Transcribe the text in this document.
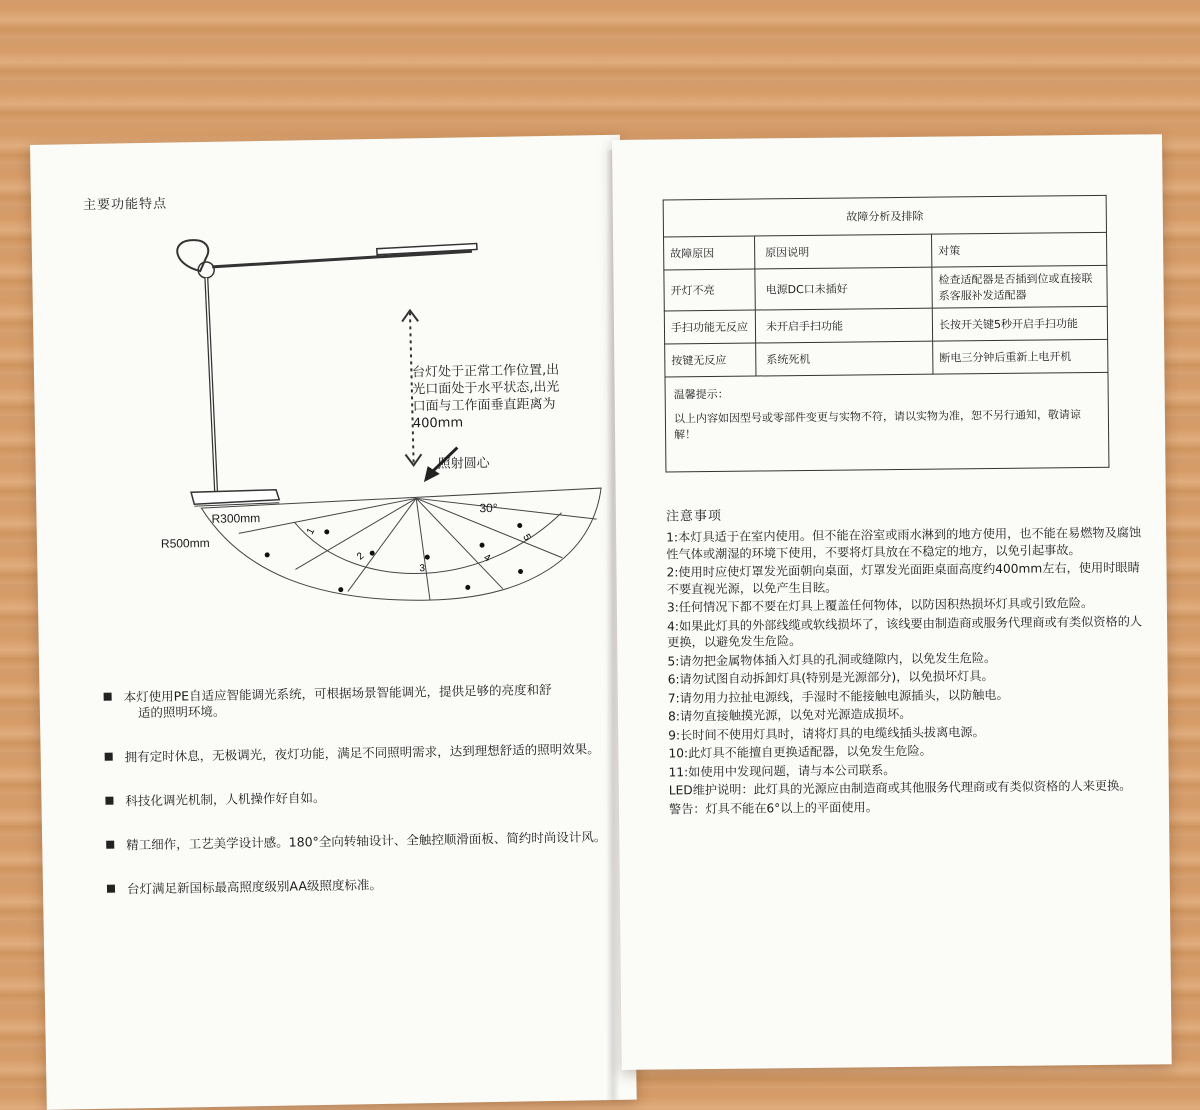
主要功能特点
1
2
3
4
5
台灯处于正常工作位置,出光口面处于水平状态,出光口面与工作面垂直距离为400mm
照射圆心
R300mm
R500mm
30°
本灯使用PE自适应智能调光系统，可根据场景智能调光，提供足够的亮度和舒
适的照明环境。
拥有定时休息，无极调光，夜灯功能，满足不同照明需求，达到理想舒适的照明效果。
科技化调光机制，人机操作好自如。
精工细作，工艺美学设计感。180°全向转轴设计、全触控顺滑面板、简约时尚设计风。
台灯满足新国标最高照度级别AA级照度标准。
故障分析及排除		
故障原因	原因说明	对策
开灯不亮	电源DC口未插好	检查适配器是否插到位或直接联系客服补发适配器
手扫功能无反应	未开启手扫功能	长按开关键5秒开启手扫功能
按键无反应	系统死机	断电三分钟后重新上电开机

温馨提示：
以上内容如因型号或零部件变更与实物不符，请以实物为准，恕不另行通知，敬请谅解！		
注意事项

1:本灯具适于在室内使用。但不能在浴室或雨水淋到的地方使用，也不能在易燃物及腐蚀性气体或潮湿的环境下使用，不要将灯具放在不稳定的地方，以免引起事故。

2:使用时应使灯罩发光面朝向桌面，灯罩发光面距桌面高度约400mm左右，使用时眼睛不要直视光源，以免产生目眩。

3:任何情况下都不要在灯具上覆盖任何物体，以防因积热损坏灯具或引致危险。

4:如果此灯具的外部线缆或软线损坏了，该线要由制造商或服务代理商或有类似资格的人更换，以避免发生危险。

5:请勿把金属物体插入灯具的孔洞或缝隙内，以免发生危险。

6:请勿试图自动拆卸灯具(特别是光源部分)，以免损坏灯具。

7:请勿用力拉扯电源线，手湿时不能接触电源插头，以防触电。

8:请勿直接触摸光源，以免对光源造成损坏。

9:长时间不使用灯具时，请将灯具的电缆线插头拔离电源。

10:此灯具不能擅自更换适配器，以免发生危险。

11:如使用中发现问题，请与本公司联系。

LED维护说明：此灯具的光源应由制造商或其他服务代理商或有类似资格的人来更换。

警告：灯具不能在6°以上的平面使用。
